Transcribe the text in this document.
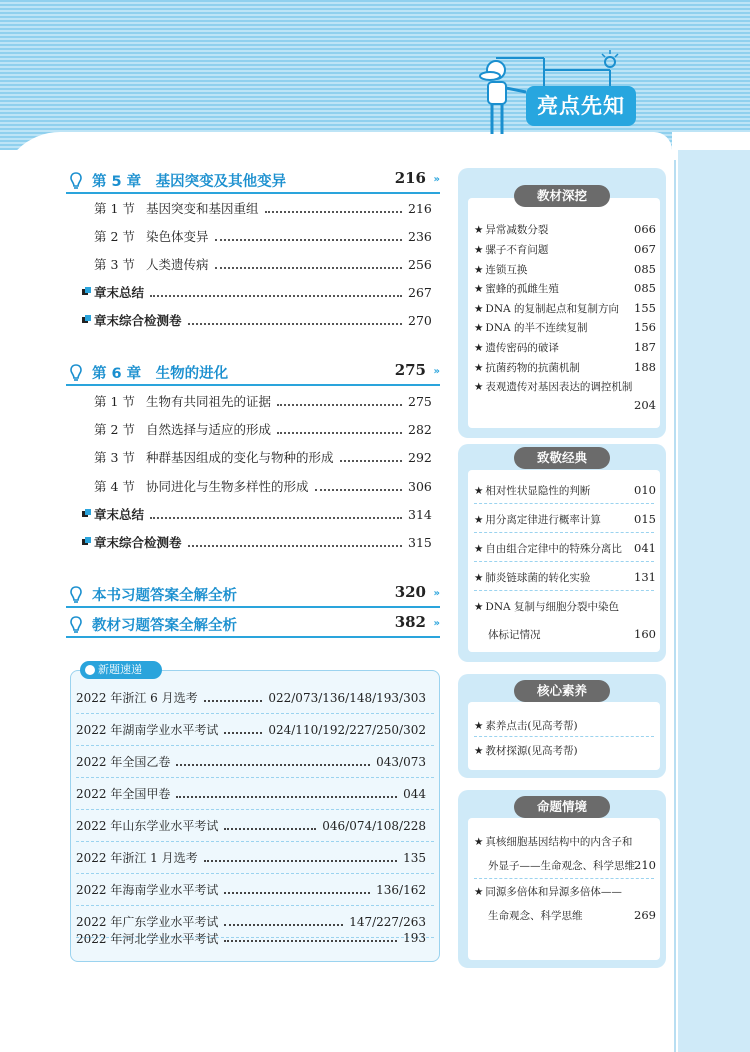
亮点先知
第 5 章　基因突变及其他变异	216 »
第 1 节 基因突变和基因重组	216
第 2 节 染色体变异	236
第 3 节 人类遗传病	256
章末总结	267
章末综合检测卷	270
第 6 章　生物的进化	275 »
第 1 节 生物有共同祖先的证据	275
第 2 节 自然选择与适应的形成	282
第 3 节 种群基因组成的变化与物种的形成	292
第 4 节 协同进化与生物多样性的形成	306
章末总结	314
章末综合检测卷	315
本书习题答案全解全析	320 »
教材习题答案全解全析	382 »
新题速递
2022 年浙江 6 月选考	022/073/136/148/193/303
2022 年湖南学业水平考试	024/110/192/227/250/302
2022 年全国乙卷	043/073
2022 年全国甲卷	044
2022 年山东学业水平考试	046/074/108/228
2022 年浙江 1 月选考	135
2022 年海南学业水平考试	136/162
2022 年广东学业水平考试	147/227/263
2022 年河北学业水平考试	193
教材深挖
★ 异常减数分裂	066
★ 骡子不育问题	067
★ 连锁互换	085
★ 蜜蜂的孤雌生殖	085
★ DNA 的复制起点和复制方向	155
★ DNA 的半不连续复制	156
★ 遗传密码的破译	187
★ 抗菌药物的抗菌机制	188
★ 表观遗传对基因表达的调控机制
204
致敬经典
★ 相对性状显隐性的判断	010
★ 用分离定律进行概率计算	015
★ 自由组合定律中的特殊分离比	041
★ 肺炎链球菌的转化实验	131
★ DNA 复制与细胞分裂中染色
体标记情况	160
核心素养
★ 素养点击(见高考帮)
★ 教材探源(见高考帮)
命题情境
★ 真核细胞基因结构中的内含子和
外显子——生命观念、科学思维 210
★ 同源多倍体和异源多倍体——
生命观念、科学思维	269
